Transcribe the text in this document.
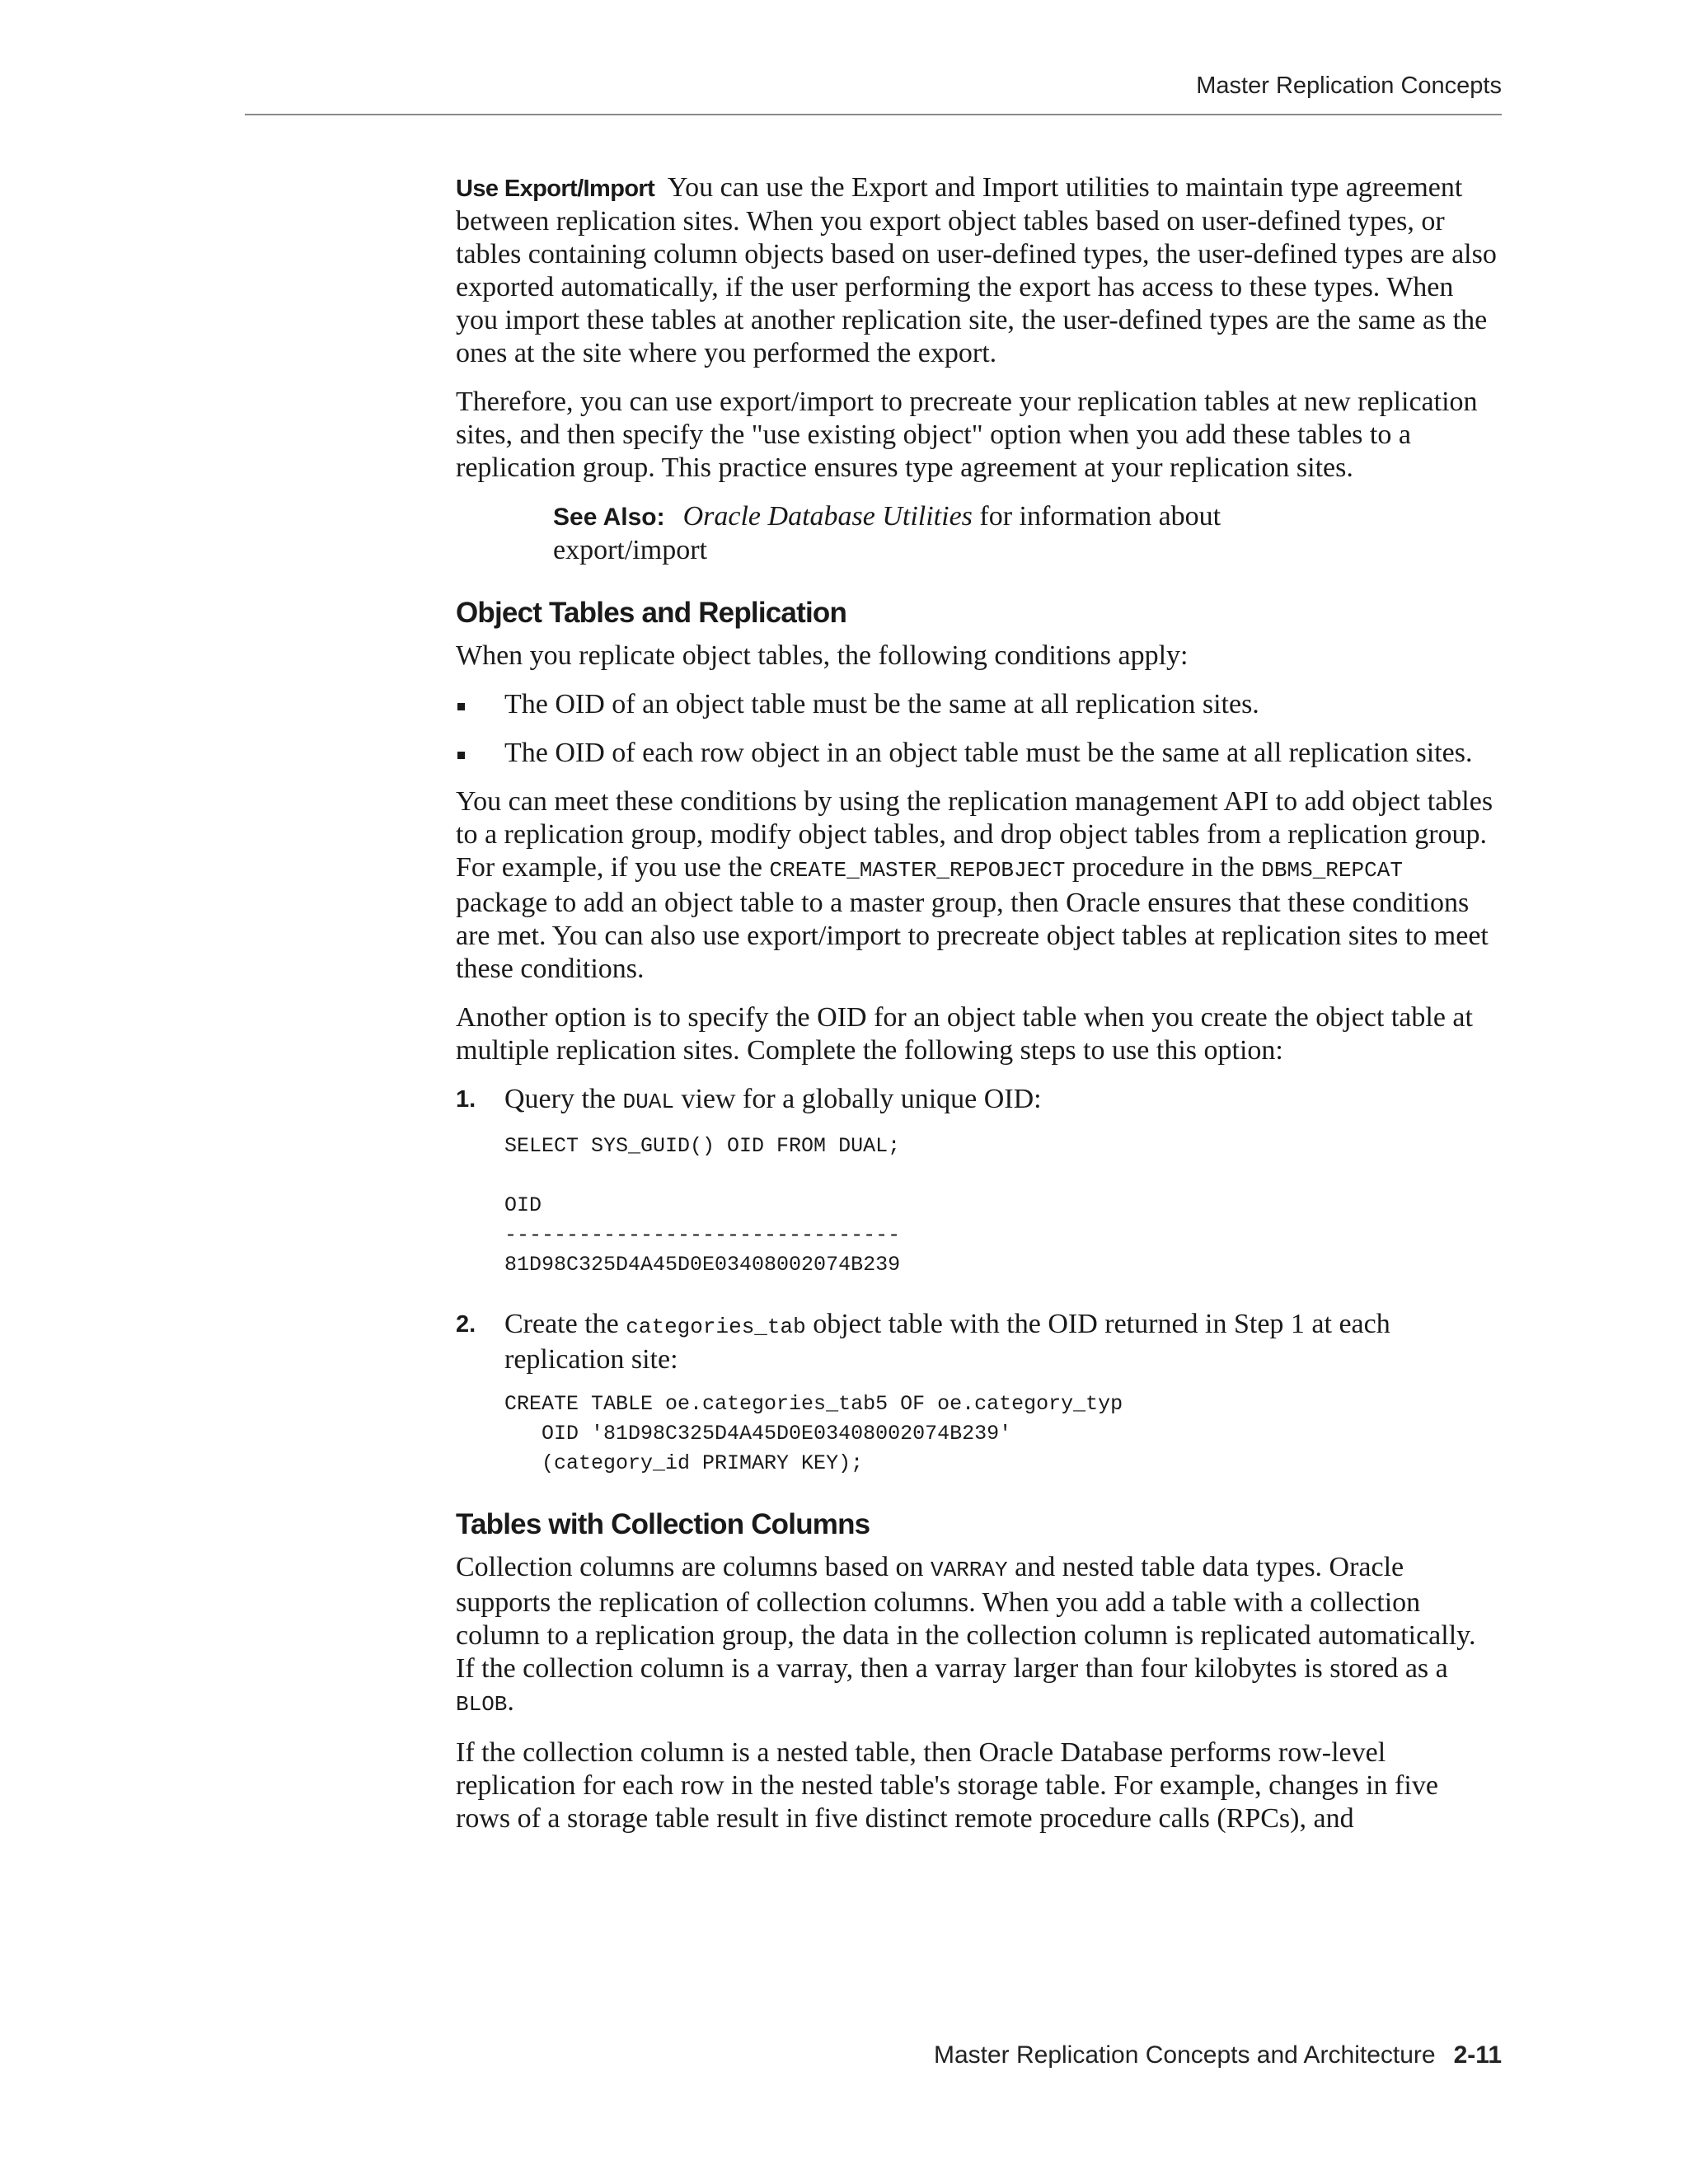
Master Replication Concepts

Use Export/Import You can use the Export and Import utilities to maintain type agreement between replication sites. When you export object tables based on user-defined types, or tables containing column objects based on user-defined types, the user-defined types are also exported automatically, if the user performing the export has access to these types. When you import these tables at another replication site, the user-defined types are the same as the ones at the site where you performed the export.

Therefore, you can use export/import to precreate your replication tables at new replication sites, and then specify the "use existing object" option when you add these tables to a replication group. This practice ensures type agreement at your replication sites.

See Also: Oracle Database Utilities for information about export/import
Object Tables and Replication

When you replicate object tables, the following conditions apply:

The OID of an object table must be the same at all replication sites.
The OID of each row object in an object table must be the same at all replication sites.

You can meet these conditions by using the replication management API to add object tables to a replication group, modify object tables, and drop object tables from a replication group. For example, if you use the CREATE_MASTER_REPOBJECT procedure in the DBMS_REPCAT package to add an object table to a master group, then Oracle ensures that these conditions are met. You can also use export/import to precreate object tables at replication sites to meet these conditions.

Another option is to specify the OID for an object table when you create the object table at multiple replication sites. Complete the following steps to use this option:

1. Query the DUAL view for a globally unique OID:
SELECT SYS_GUID() OID FROM DUAL;

OID
--------------------------------
81D98C325D4A45D0E03408002074B239
2. Create the categories_tab object table with the OID returned in Step 1 at each replication site:
CREATE TABLE oe.categories_tab5 OF oe.category_typ
OID '81D98C325D4A45D0E03408002074B239'
(category_id PRIMARY KEY);
Tables with Collection Columns

Collection columns are columns based on VARRAY and nested table data types. Oracle supports the replication of collection columns. When you add a table with a collection column to a replication group, the data in the collection column is replicated automatically. If the collection column is a varray, then a varray larger than four kilobytes is stored as a BLOB.

If the collection column is a nested table, then Oracle Database performs row-level replication for each row in the nested table's storage table. For example, changes in five rows of a storage table result in five distinct remote procedure calls (RPCs), and

Master Replication Concepts and Architecture 2-11
